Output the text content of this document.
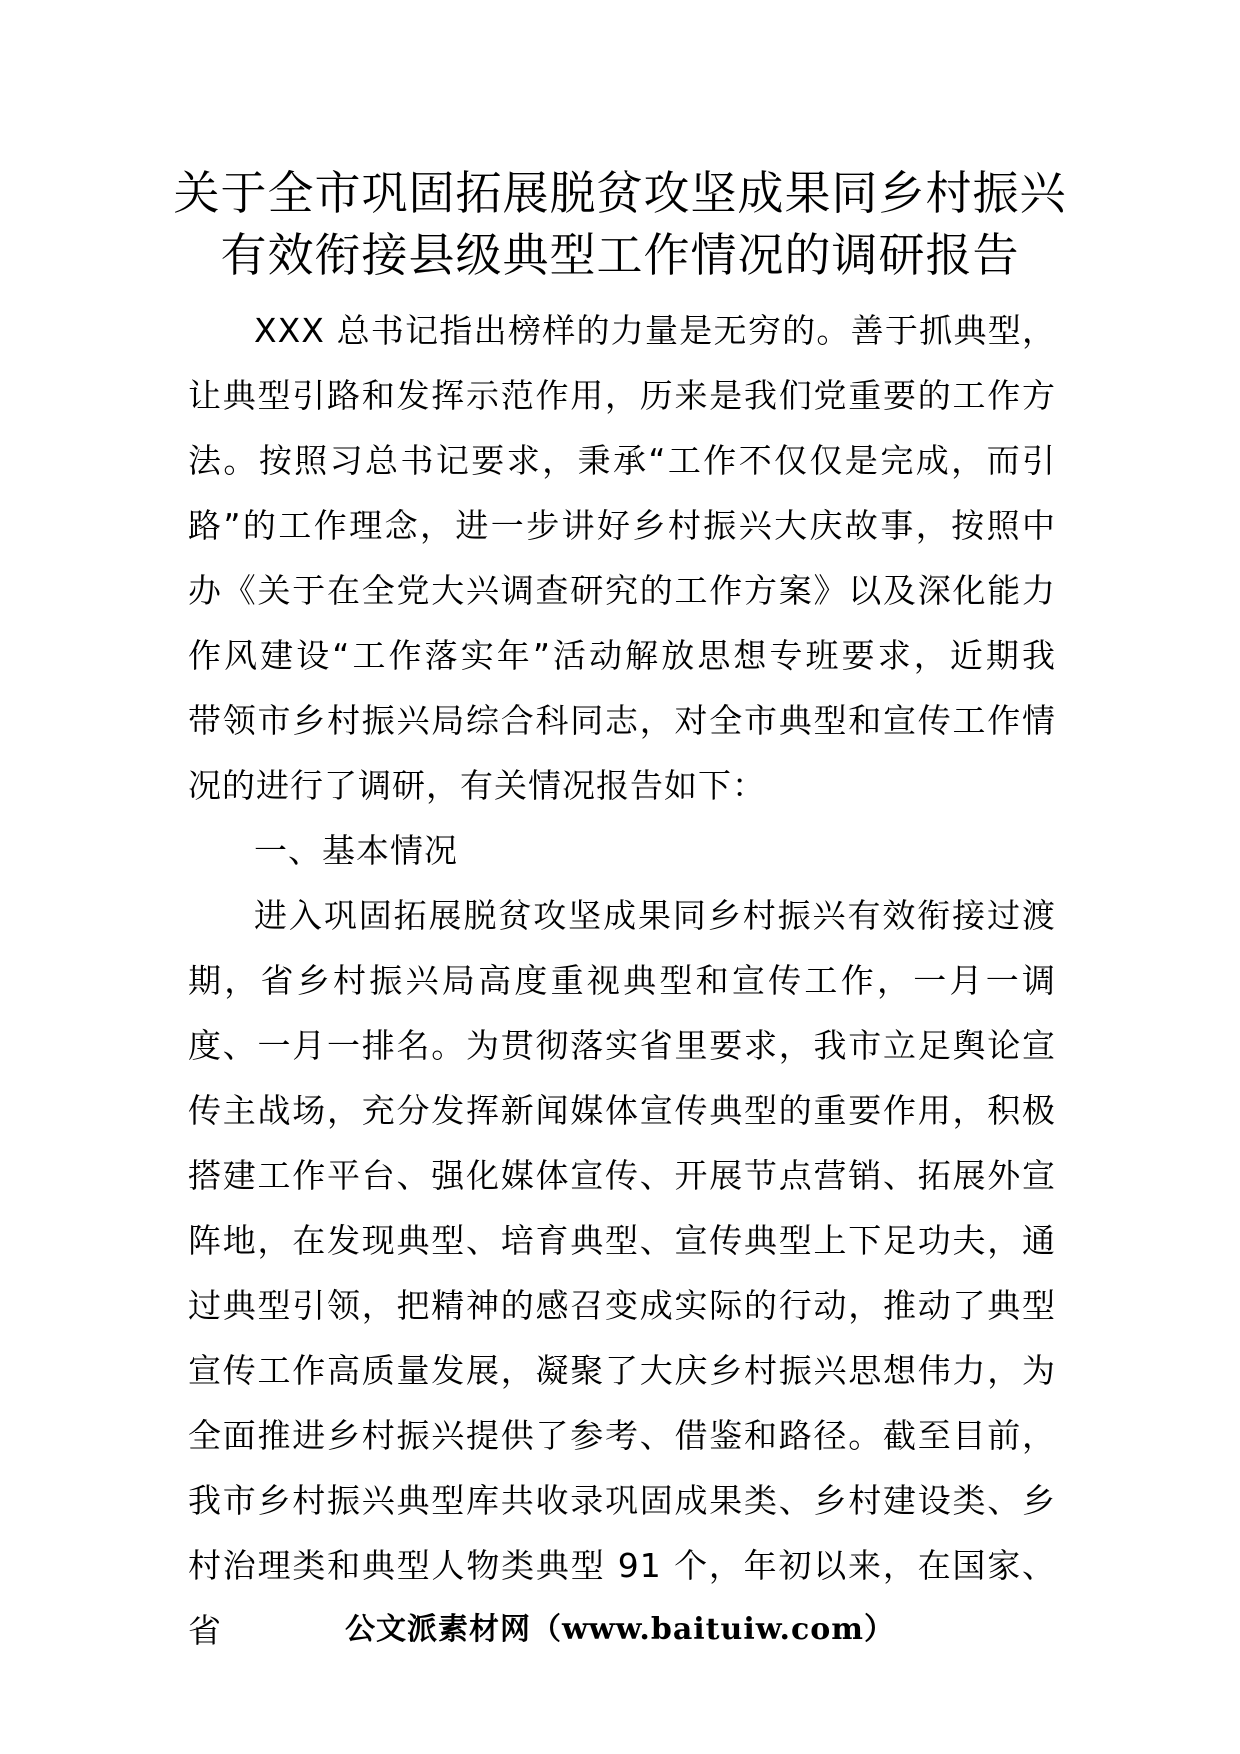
关于全市巩固拓展脱贫攻坚成果同乡村振兴
有效衔接县级典型工作情况的调研报告
XXX 总书记指出榜样的力量是无穷的。善于抓典型，
让典型引路和发挥示范作用，历来是我们党重要的工作方
法。按照习总书记要求，秉承“工作不仅仅是完成，而引
路”的工作理念，进一步讲好乡村振兴大庆故事，按照中
办《关于在全党大兴调查研究的工作方案》以及深化能力
作风建设“工作落实年”活动解放思想专班要求，近期我
带领市乡村振兴局综合科同志，对全市典型和宣传工作情
况的进行了调研，有关情况报告如下：
一、基本情况
进入巩固拓展脱贫攻坚成果同乡村振兴有效衔接过渡
期，省乡村振兴局高度重视典型和宣传工作，一月一调
度、一月一排名。为贯彻落实省里要求，我市立足舆论宣
传主战场，充分发挥新闻媒体宣传典型的重要作用，积极
搭建工作平台、强化媒体宣传、开展节点营销、拓展外宣
阵地，在发现典型、培育典型、宣传典型上下足功夫，通
过典型引领，把精神的感召变成实际的行动，推动了典型
宣传工作高质量发展，凝聚了大庆乡村振兴思想伟力，为
全面推进乡村振兴提供了参考、借鉴和路径。截至目前，
我市乡村振兴典型库共收录巩固成果类、乡村建设类、乡
村治理类和典型人物类典型 91 个，年初以来，在国家、省	公文派素材网（www.baituiw.com）
